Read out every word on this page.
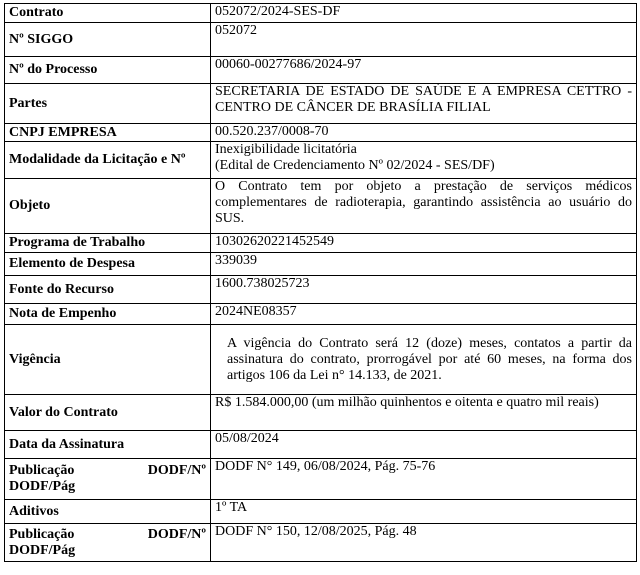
Contrato	052072/2024-SES-DF
Nº SIGGO	052072
Nº do Processo	00060-00277686/2024-97
Partes	SECRETARIA DE ESTADO DE SAÚDE E A EMPRESA CETTRO - CENTRO DE CÂNCER DE BRASÍLIA FILIAL
CNPJ EMPRESA	00.520.237/0008-70
Modalidade da Licitação e Nº	Inexigibilidade licitatória
(Edital de Credenciamento Nº 02/2024 - SES/DF)

Objeto	O Contrato tem por objeto a prestação de serviços médicos complementares de radioterapia, garantindo assistência ao usuário do SUS.
Programa de Trabalho	10302620221452549
Elemento de Despesa	339039
Fonte do Recurso	1600.738025723
Nota de Empenho	2024NE08357
Vigência	A vigência do Contrato será 12 (doze) meses, contatos a partir da assinatura do contrato, prorrogável por até 60 meses, na forma dos artigos 106 da Lei n° 14.133, de 2021.
Valor do Contrato	R$ 1.584.000,00 (um milhão quinhentos e oitenta e quatro mil reais)
Data da Assinatura	05/08/2024

Publicação DODF/Nº
DODF/Pág	DODF N° 149, 06/08/2024, Pág. 75-76
Aditivos	1º TA

Publicação DODF/Nº
DODF/Pág	DODF N° 150, 12/08/2025, Pág. 48
